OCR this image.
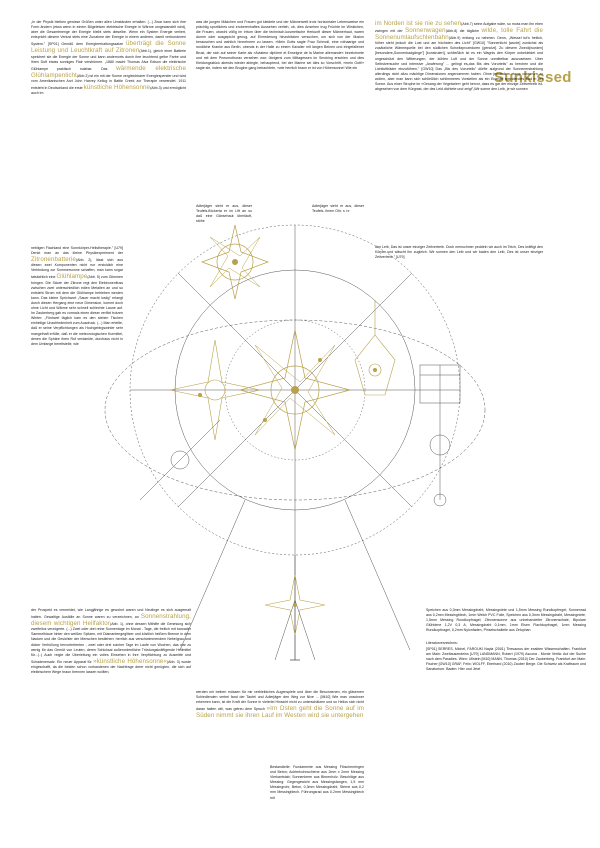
Sunkissed

„In der Physik bleiben gewisse Größen unter allen Umständen erhalten. (...) Zwar kann sich ihre Form ändern (etwa wenn in einem Bügeleisen elektrische Energie in Wärme umgewandelt wird), aber die Gesamtmenge der Energie bleibt stets dieselbe. Wenn ein System Energie verliert, entspricht diesem Verlust stets eine Zunahme der Energie in einem anderen, damit verbundenen System." [SP01] Gemäß dem Energieerhaltungssatze überträgt die Sonne Leistung und Leuchtkraft auf Zitronen(Abb.1), gleich einer Batterie speichert sie die Energie der Sonne und kann andernorts durch ihre leuchtend gelbe Farbe und ihren Duft etwas sonniges Flair verströmen. „1880 macht Thomas Alva Edison die elektrische Glühlampe praktisch nutzbar. Das wärmende elektrische Glühlampenlicht(Abb.2) ist ein mit der Sonne vergleichbarer Energiespender und wird vom Amerikanischen Arzt John Harvey Kellog in Battle Creek zur Therapie verwendet. 1911 entsteht in Deutschland die erste künstliche Höhensonne(Abb.3) und ermöglicht auch im

was die jungen Mädchen und Frauen gut kleidete und der Männerwelt trotz horizontaler Lebensweise ein prächtig sportliches und eroberenhaftes Aussehen verlieh, ob, dies Ansehen trug Früchte im Winkichen, die Frauen, obwohl völlig im Irrtum über die technisch-kosmetische Herkunft dieser Männerhaut, waren dumm oder ausgepicht genug, auf Einrederung hinzublicken versuchen, um sich von der Illusion berauschen und wahlich hinnehmen zu lassen. »Mein Gotts sagte Frau Schmoll, eine rothaarige und rundliche Kranke aus Berlin, obends in der Halle zu einem Kavalier mit langen Beinen und eingefallener Brust, der sich auf seiner Karte als »Aviateur diplômé et Enseigne de la Marine allemande« bezeichnete und mit dem Pneumothorax versehen war; übrigens zum Mittagessen im Smoking erschien und dies Kleidungsstück abends wieder ablegte, behauptend, bei der Marine sei dies so Vorschrift, »mein Gott!« sagte sie, indem sie den Bruglne gang betrachtete, »wie herrlich braun er ist von Höhensonne! Wie ein

Adlerjäger sieht er aus, dieser Teufels-flöckerta er im Lift an so daß eine Gänsehaut überläuft, stöhe

Adlerjäger sieht er aus, dieser Teufels- ihrem Ohr, s i e

im Norden ist sie nie zu sehen(Abb.7) seine Aufgabe wäre, so muss man ihn eben zwingen mit der Sonnenwagen(Abb.8) die tägliche wilde, tolle Fahrt die Sonnenumlaufschlenbahn(Abb.9) entlang zu nehmen. Denn, „Wessel tut's freilich, höher steht jedoch die Lust und am höchsten des Licht" [GW10] "Sonnenlicht [wurde] zunächst als zusätzliche Wärmequelle bei den südlichen Schwitzprozeduren [genutzt]. Zu diesem Zweck[wurden] [besondere„Sonnenbadgänge"] [konstruiert], schließlich ist es ein Wagnis den Körper unbekleidet und ungeschützt den Witterungen, der kühlen Luft und der Sonne unmittelbar auszusetzen. Über Selbstversuche und intensive „Anaferung" ... gelingt es„das Bis des Vorurteils" zu brechen und die Lichtluftbäder einzuführen." [GW10] Das „Bis des Vorurteils" dürfte aufgrund der Sonnenerstrahlung allerdings nicht allzu mächtige Dimensionen angenommen haben. Ohne jemandem etwas vorwerfen zu wollen, aber man kann sich schließlich schlimmeres Vorstellen als ein Energie spendendes Bad in der Sonne. Aus einer Strophe im »Gesang der Vegetarier« geht hervor, dass es gar der einzige Zeitvertreib ist- abgesehen von dem Kürgrast, der des Leid dichtete und zeigt"„Wir sonne den Leib, je wir sonnen

den Leib, Das ist unser einziger Zeitvertreib. Doch menschmer peddeln wir auch im Teich, Des kräftigt den Körper und wäscht ihn zugleich. Wir sonnen den Leib und wir baden den Leib, Des ist unser einziger Zeitvertreib." [U79]

nebligen Flachland eine Sonnkörper-Heilstherapie." [U79] Denkt man an das kleine Physikexperiment der Zitronenbatterie(Abb. 2), lässt sich aus diesen zwei Komponenten nicht nur erstcidich eine Verbindung zur Sommersonne schaffen, man kann sogar tatsächlich eine Glühlampe(Abb. 5) zum Glimmen bringen. Die Säure der Zitrone regt den Elektronenfluss zwischen zwei unterschiedlich edlen Metallen an und so entsteht Strom mit dem die Glühlampe betrieben werden kann. Das kleine Sprichwort „Sauer macht lustig" erlangt durch diesen Hergang eine neue Dimension, kommt doch ohne Licht und Wärme sehr schnell schlechte Laune auf. Im Zauberberg gab es vormals einen dieser verflixt trotzen Winter: „Fönhwel täglich kam es den sieben Tischen einheilige Unzufriedenheit zum Ausdruck. (...) Man erteilte, daß er seine Verpflichtungen als Hochgebirgswinter sehr mangelhaft erfülle, daß er die meteorologischen Kurmittel, denen die Sphäre ihren Ruf verdankte, durchaus nicht in dem Umfange bereitstelle, wie

der Prospekt es vermeldet, wie Langjährige es gewohnt waren und Neulinge es sich ausgemalt hatten. Gewaltige Ausfälle an Sonne waren zu verzeichnen, an Sonnenstrahlung, diesem wichtigen Heilfaktor(Abb. 1), ohne dessen Mithilfe die Genesung sich zweifellos verzögerte. (...) Zwei oder drei reine Sonnentage im Monat - Tage, die freilich mit baroader Sammelblaue hinter den weißen Spitzen, mit Diamantengeglitzer und köstlich heißem Brenne in dem Nacken und die Gesichter der Menschen bestiehen: herrlich aus verschwimmendem Nebelgrau und dicker Verhüllung hervortretenten - zwei oder drei solcher Tage im Laufe von Wochen, das war zu wenig für das Gemüt von Leuten, deren Schicksal außerordentliche Tröstungskräftigende Heilmittel für...(..) Auch reigte die Überleitung ein volles Einsehen in ihre Verpflichtung zu Ausmitte und Schadenersatz. Ein neuer Apparat für »künstliche Höhensonne«(Abb. 3) wurde eingeschafft, da die beiden schon vorhandenen der Nachfrage derer nicht genügten, die sich auf elektrischem Wege braun brennen lassen wollten,

werden mir beiben müssen für mir verbleibiches Augenspiele und über die Besonnenen, ein gläsernen Schiedlenden verbei fand der Taufel und Adlerjäger den Weg zur Nixe ... [Mt10] Wie man unschwer erkennen kann, ist die Kraft der Sonne in vielerlei Hinsicht nicht zu unterschätzen und so Helios sich nicht daran halten will, was getreu dem Spruch »Im Osten geht die Sonne auf im Süden nimmt sie ihren Lauf im Westen wird sie untergehen

Bestandteile: Fundamente aus Messing Flöschenringen und Beton; Achterbohnschiene aus 2mm x 2mm Messing Vierkantstab; Sonnenkerm aus Birnenholz. Beschläge aus Messing: Gegengewicht aus Messingstangen, 1,5 mm Messingrohr, Beton, 0,3mm Messingdraht, Sterne aus 0,2 mm Messingblech. Führungsrad aus 0,2mm Messingblech mit

Speichen aus 0,3mm Messingdraht, Messingniete und 1,5mm Messing Rundkopfregel; Sonnenrad aus 0,2mm Messingblech, 1mm Welch PVC Folie, Speichen aus 0,3mm Messingdraht, Messingniete, 1,5mm Messing Rundkopfnagel; Zitronensonne aus unbehandelter Zitronenschale, Bipolare Glühbirne 1,2V 0,3 A, Messingdraht 0,1mm, 1mm Elsen Flachkopfnagel, 1mm Messing Rundkopfnagel, 0,2mm Nylonfaden, Pinselschalteile aus Zelophan

Literaturverzeichnis:

[SP01] SERRES, Michel, FAROUKI Nayla (2001) Thesaurus der exakten Wissenschaften. Frankfurt am Main: Zweitausendeins [U79] LANDMANN, Robert (1979) Ascona - Monte Verità: Auf der Suche nach dem Paradies. Wien: Ullstein [M10] MANN, Thomas (2010) Der Zauberberg. Frankfurt am Main: Fischer [GW10] GRAF, Felix; WOLFF, Eberhard (2010) Zauber Berge. Die Schweiz als Kraftraum und Sanatorium. Baden: Hier und Jetzt
